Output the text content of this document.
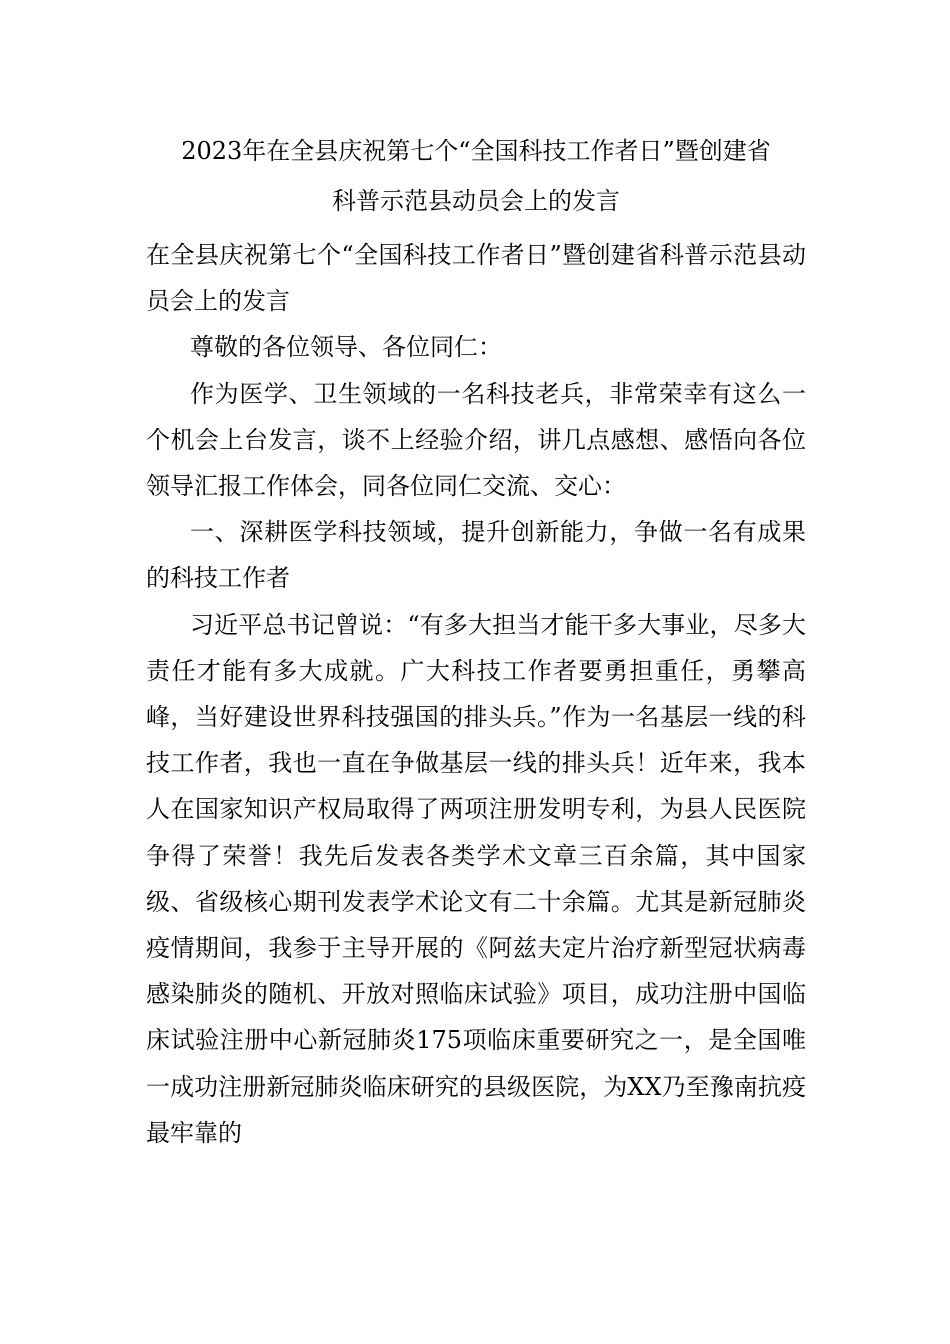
2023年在全县庆祝第七个“全国科技工作者日”暨创建省
科普示范县动员会上的发言

在全县庆祝第七个“全国科技工作者日”暨创建省科普示范县动员会上的发言

尊敬的各位领导、各位同仁：

作为医学、卫生领域的一名科技老兵，非常荣幸有这么一个机会上台发言，谈不上经验介绍，讲几点感想、感悟向各位领导汇报工作体会，同各位同仁交流、交心：

一、深耕医学科技领域，提升创新能力，争做一名有成果的科技工作者

习近平总书记曾说：“有多大担当才能干多大事业，尽多大责任才能有多大成就。广大科技工作者要勇担重任，勇攀高峰，当好建设世界科技强国的排头兵。”作为一名基层一线的科技工作者，我也一直在争做基层一线的排头兵！近年来，我本人在国家知识产权局取得了两项注册发明专利，为县人民医院争得了荣誉！我先后发表各类学术文章三百余篇，其中国家级、省级核心期刊发表学术论文有二十余篇。尤其是新冠肺炎疫情期间，我参于主导开展的《阿兹夫定片治疗新型冠状病毒感染肺炎的随机、开放对照临床试验》项目，成功注册中国临床试验注册中心新冠肺炎175项临床重要研究之一，是全国唯一成功注册新冠肺炎临床研究的县级医院，为XX乃至豫南抗疫最牢靠的
